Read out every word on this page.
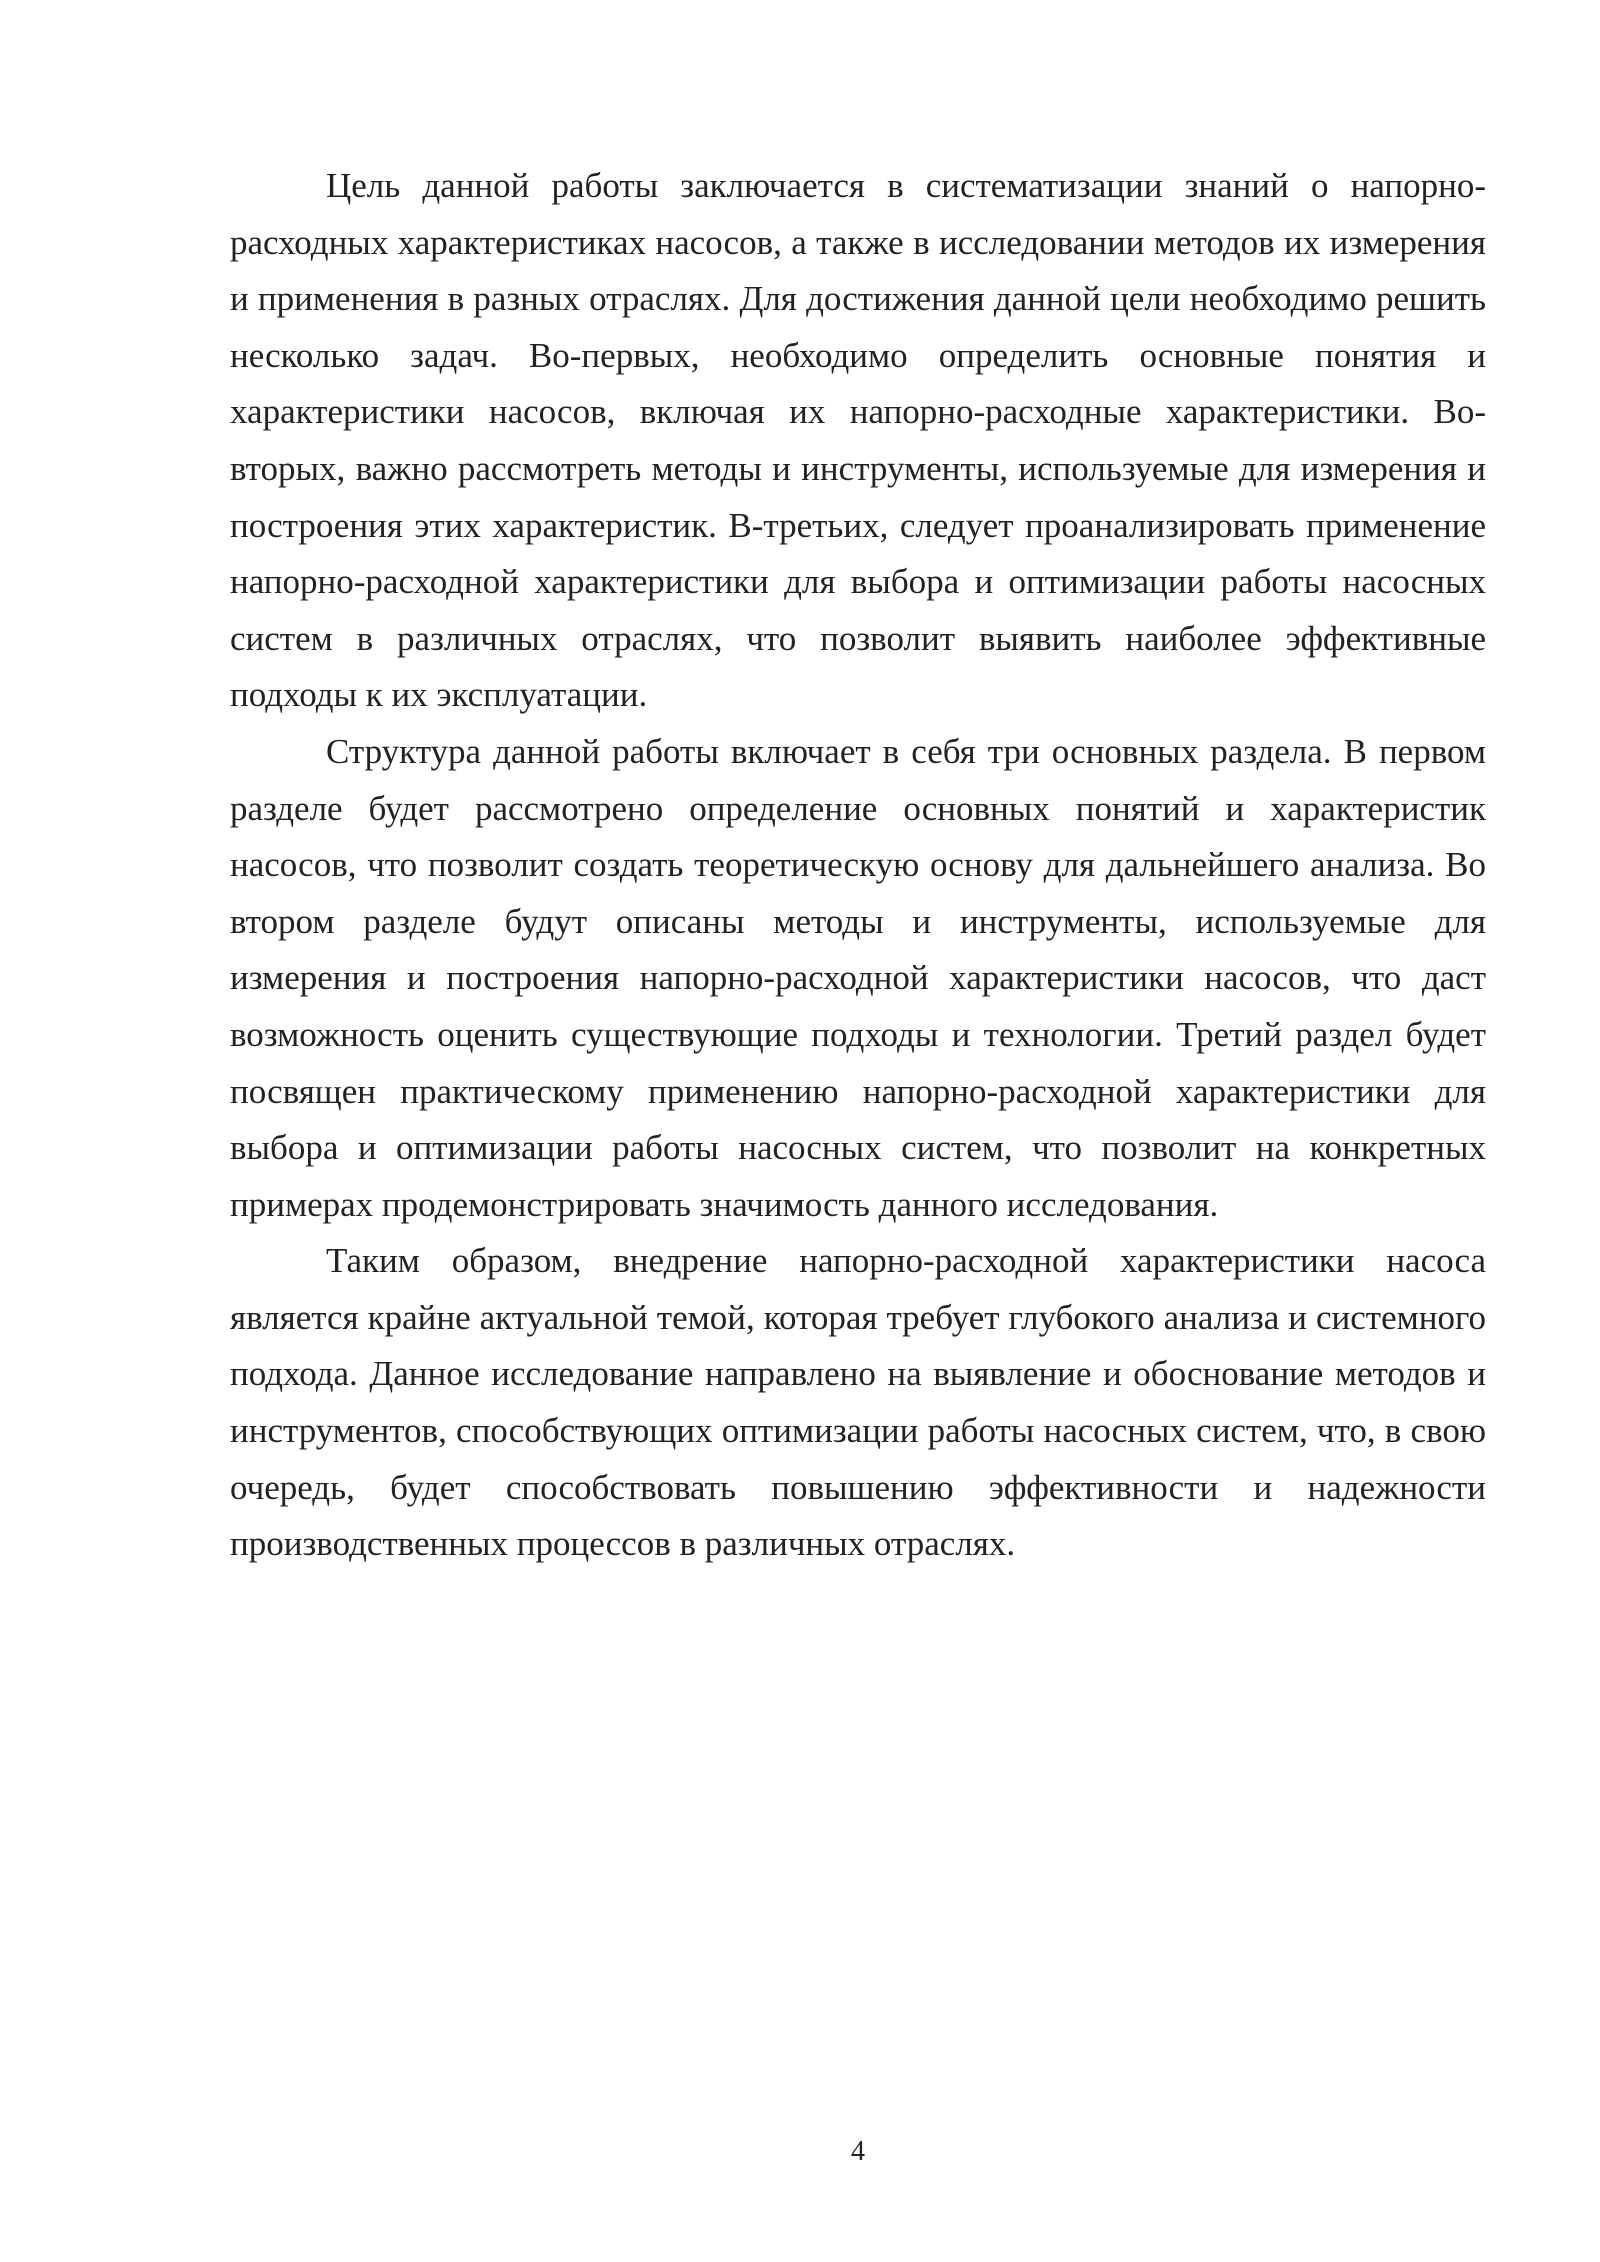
Цель данной работы заключается в систематизации знаний о напорно-расходных характеристиках насосов, а также в исследовании методов их измерения и применения в разных отраслях. Для достижения данной цели необходимо решить несколько задач. Во-первых, необходимо определить основные понятия и характеристики насосов, включая их напорно-расходные характеристики. Во-вторых, важно рассмотреть методы и инструменты, используемые для измерения и построения этих характеристик. В-третьих, следует проанализировать применение напорно-расходной характеристики для выбора и оптимизации работы насосных систем в различных отраслях, что позволит выявить наиболее эффективные подходы к их эксплуатации.

Структура данной работы включает в себя три основных раздела. В первом разделе будет рассмотрено определение основных понятий и характеристик насосов, что позволит создать теоретическую основу для дальнейшего анализа. Во втором разделе будут описаны методы и инструменты, используемые для измерения и построения напорно-расходной характеристики насосов, что даст возможность оценить существующие подходы и технологии. Третий раздел будет посвящен практическому применению напорно-расходной характеристики для выбора и оптимизации работы насосных систем, что позволит на конкретных примерах продемонстрировать значимость данного исследования.

Таким образом, внедрение напорно-расходной характеристики насоса является крайне актуальной темой, которая требует глубокого анализа и системного подхода. Данное исследование направлено на выявление и обоснование методов и инструментов, способствующих оптимизации работы насосных систем, что, в свою очередь, будет способствовать повышению эффективности и надежности производственных процессов в различных отраслях.

4
